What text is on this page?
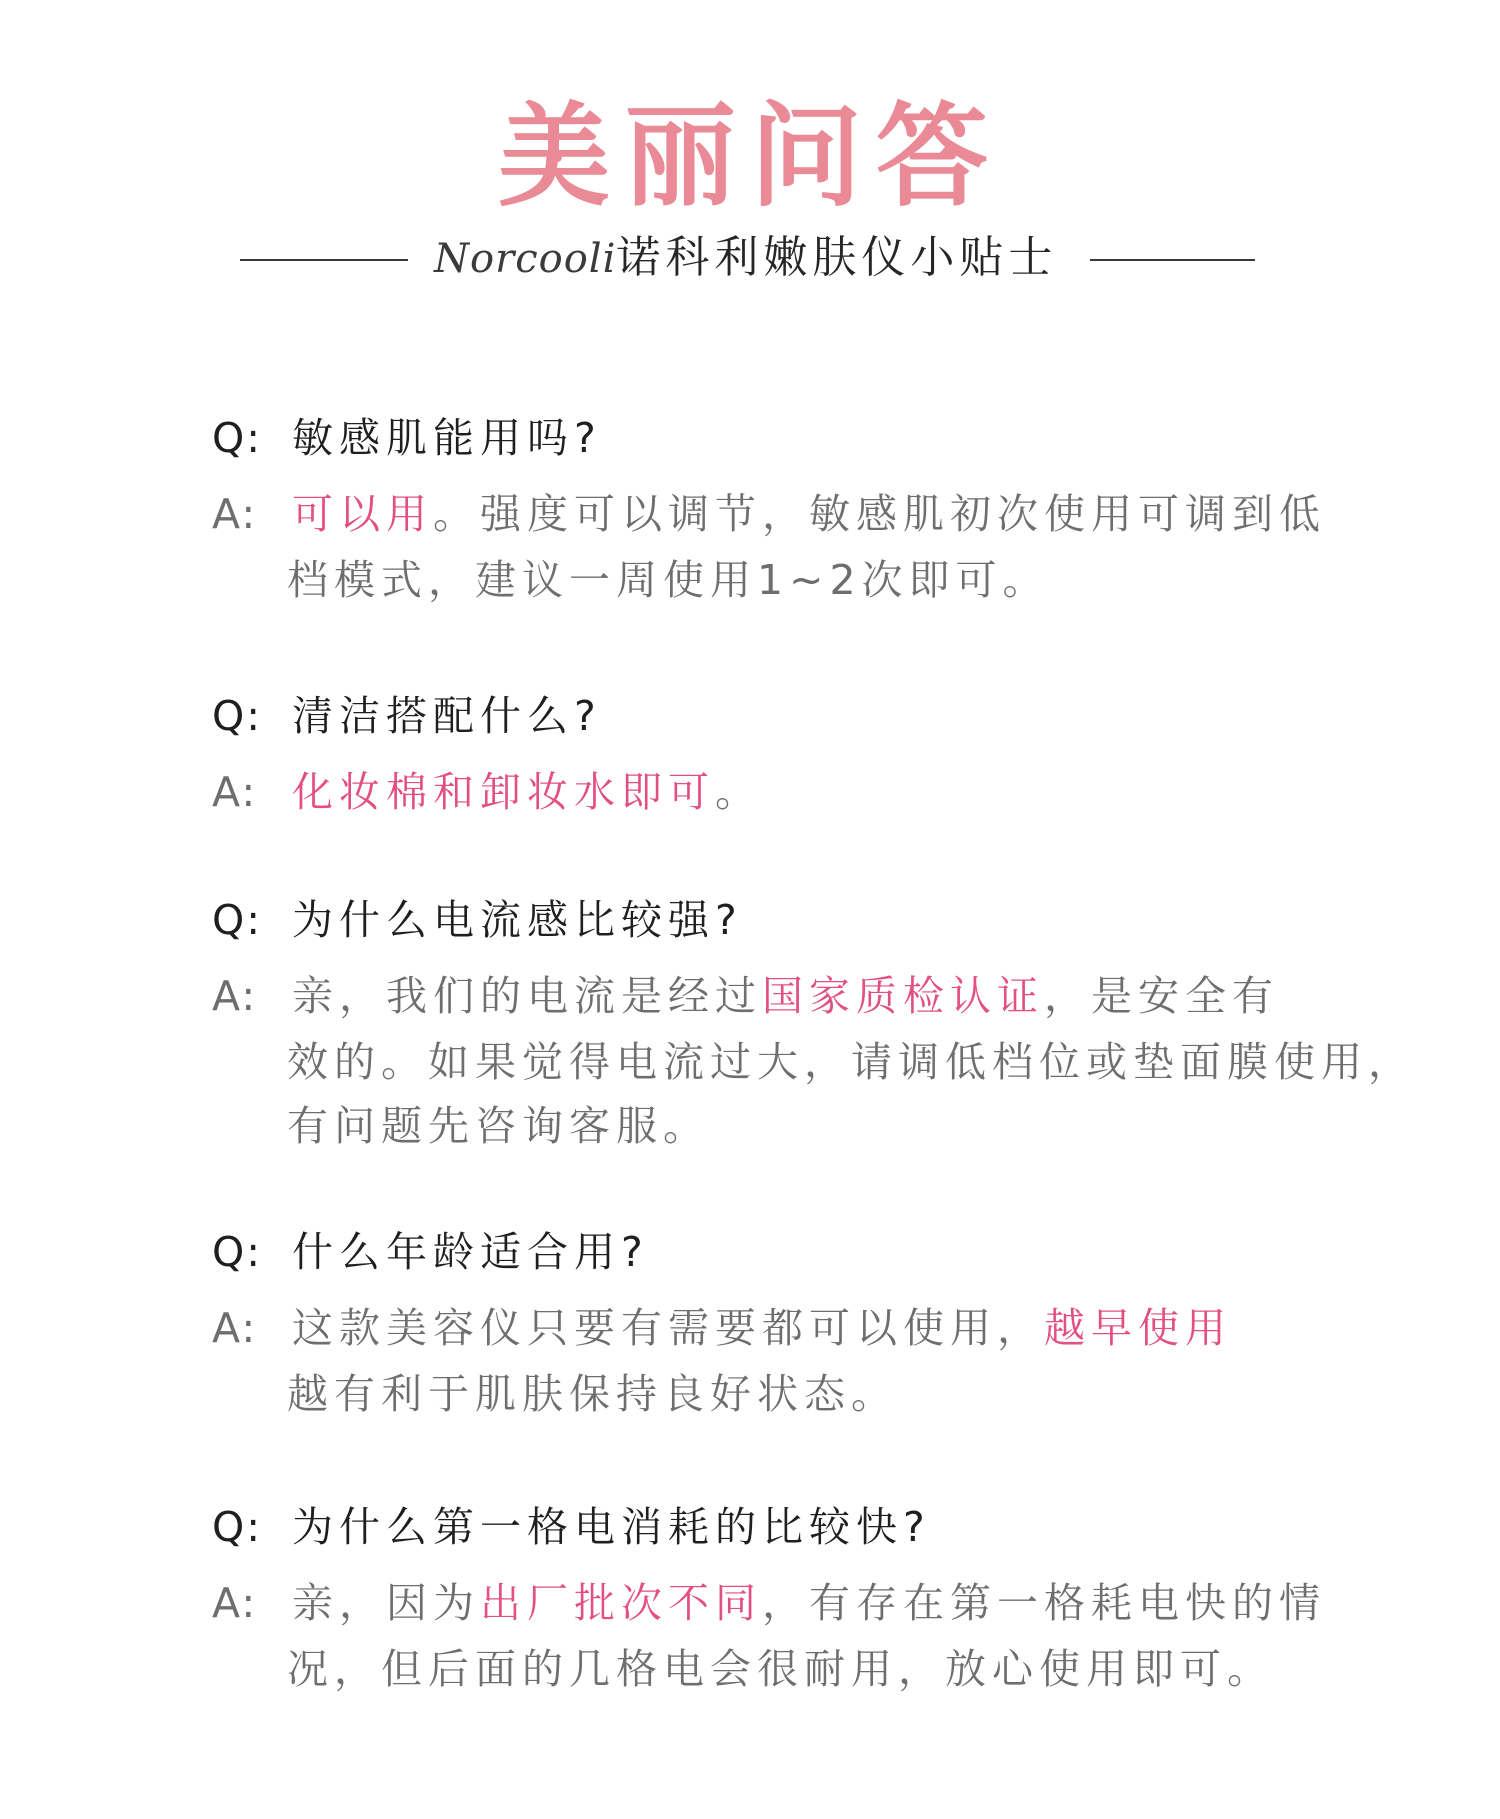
美丽问答
Norcooli诺科利嫩肤仪小贴士
Q: 敏感肌能用吗?
A: 可以用。强度可以调节，敏感肌初次使用可调到低
档模式，建议一周使用1~2次即可。
Q: 清洁搭配什么?
A: 化妆棉和卸妆水即可。
Q: 为什么电流感比较强?
A: 亲，我们的电流是经过国家质检认证，是安全有
效的。如果觉得电流过大，请调低档位或垫面膜使用，
有问题先咨询客服。
Q: 什么年龄适合用?
A: 这款美容仪只要有需要都可以使用，越早使用
越有利于肌肤保持良好状态。
Q: 为什么第一格电消耗的比较快?
A: 亲，因为出厂批次不同，有存在第一格耗电快的情
况，但后面的几格电会很耐用，放心使用即可。
